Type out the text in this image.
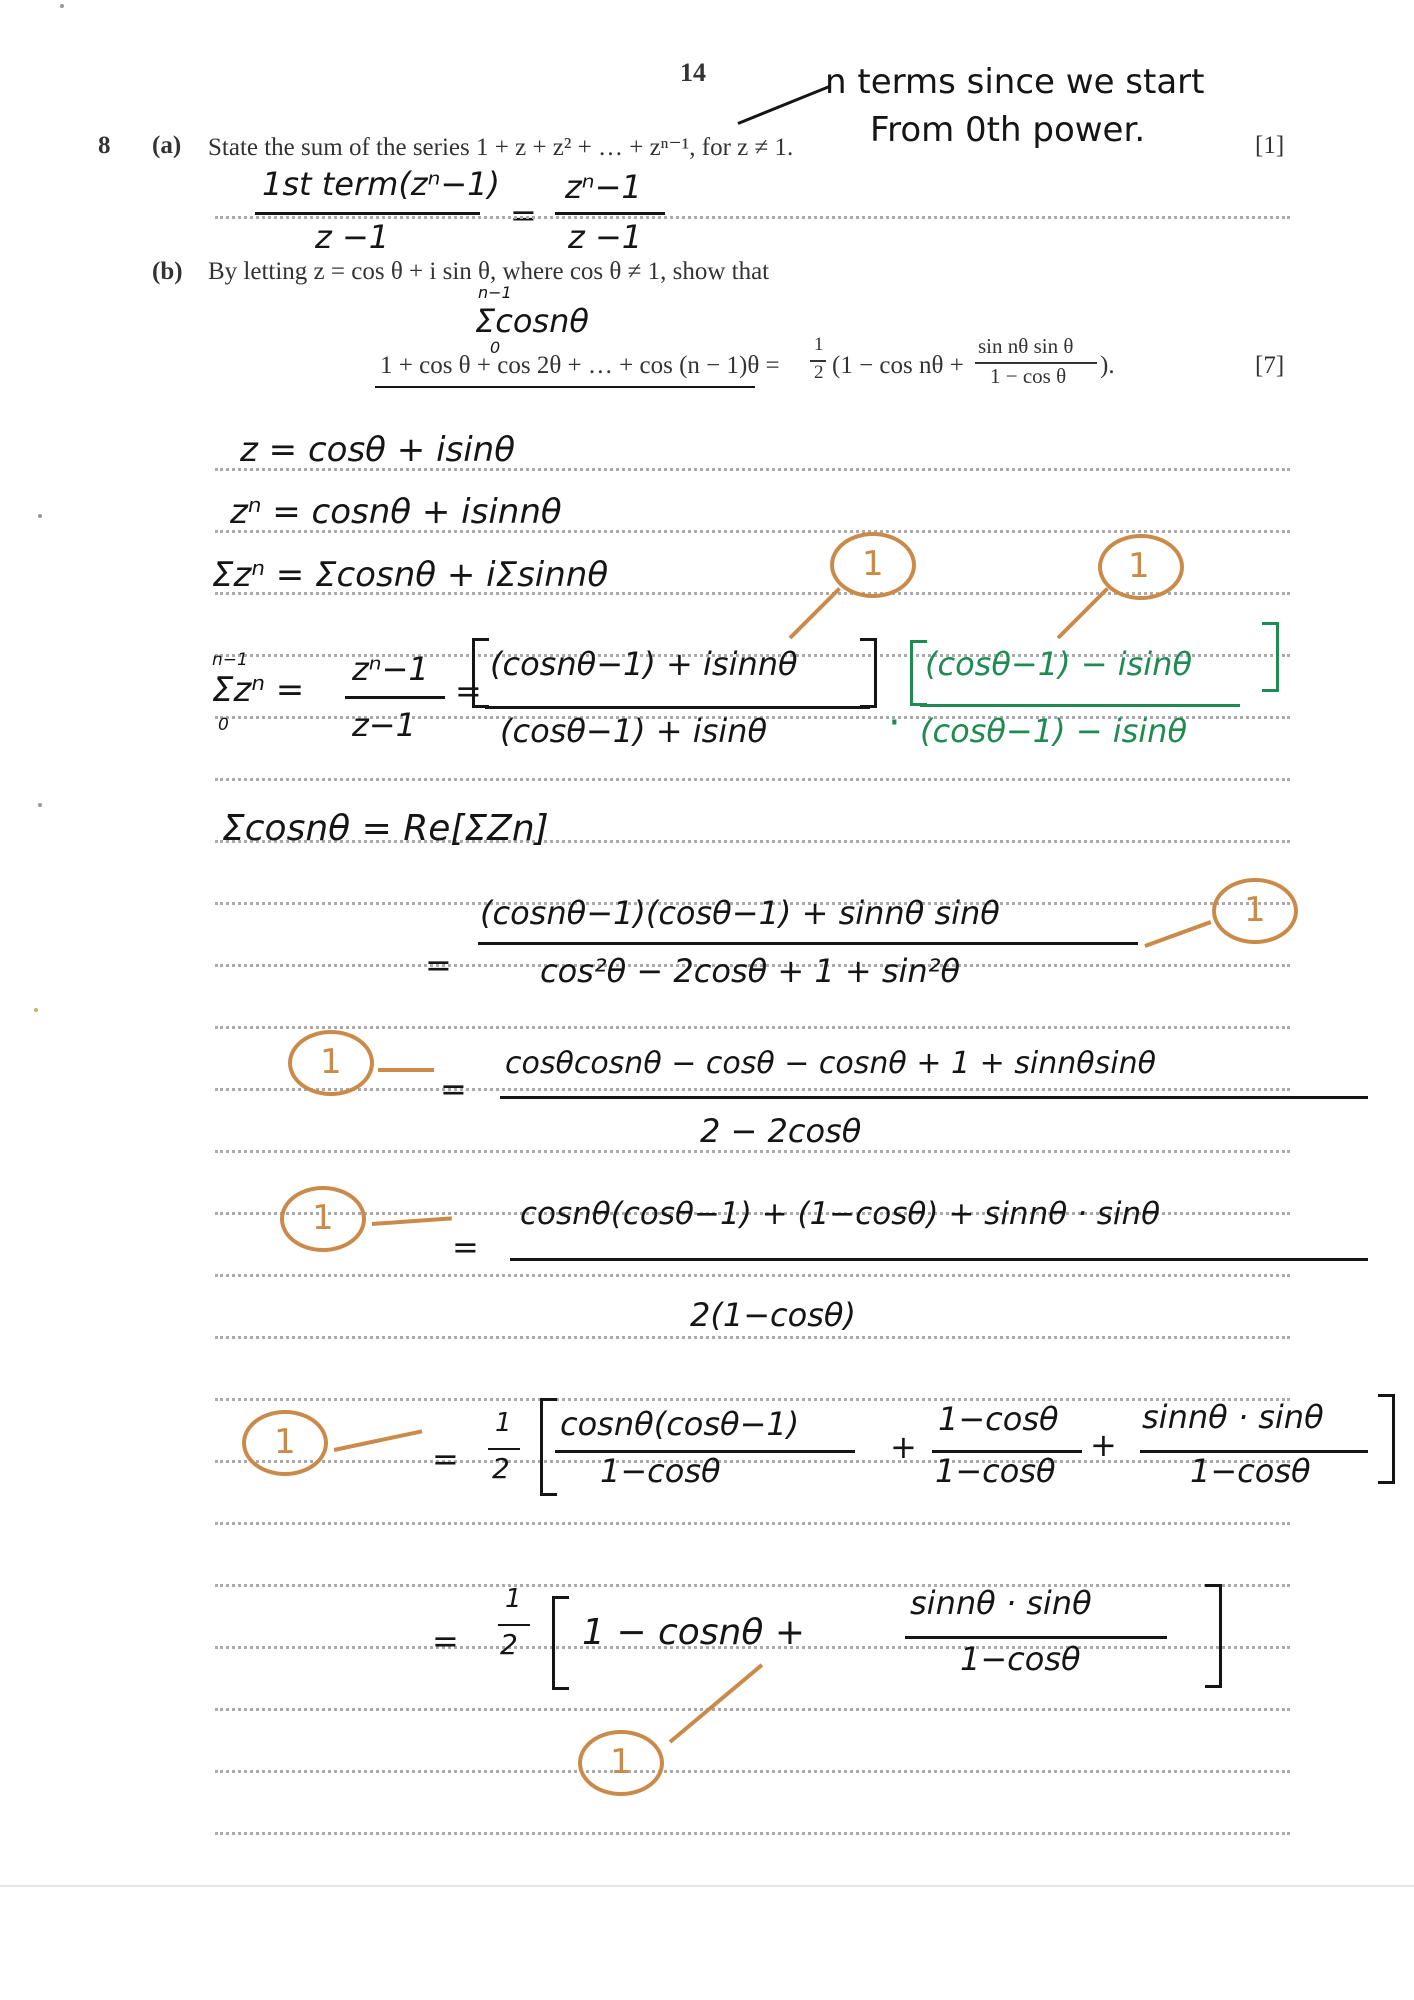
14
8 (a) State the sum of the series 1 + z + z² + … + zⁿ⁻¹, for z ≠ 1.	[1]
n terms since we start
From 0th power.
1st term(zⁿ−1)
z −1
=
zⁿ−1
z −1
(b) By letting z = cos θ + i sin θ, where cos θ ≠ 1, show that
n−1
Σcosnθ
0
1 + cos θ + cos 2θ + … + cos (n − 1)θ =
1
2 (1 − cos nθ +
sin nθ sin θ
1 − cos θ ).	[7]
z = cosθ + isinθ
zⁿ = cosnθ + isinnθ
Σzⁿ = Σcosnθ + iΣsinnθ
n−1
Σzⁿ =
0
zⁿ−1
z−1
=
(cosnθ−1) + isinnθ
(cosθ−1) + isinθ	·
(cosθ−1) − isinθ
(cosθ−1) − isinθ
Σcosnθ = Re[ΣZn]
=
(cosnθ−1)(cosθ−1) + sinnθ sinθ
cos²θ − 2cosθ + 1 + sin²θ
=
cosθcosnθ − cosθ − cosnθ + 1 + sinnθsinθ
2 − 2cosθ
=
cosnθ(cosθ−1) + (1−cosθ) + sinnθ · sinθ
2(1−cosθ)
=
1
2
cosnθ(cosθ−1)
1−cosθ
+
1−cosθ
1−cosθ
+
sinnθ · sinθ
1−cosθ
=
1
2 1 − cosnθ +
sinnθ · sinθ
1−cosθ
1	1
1
1
1
1
1
